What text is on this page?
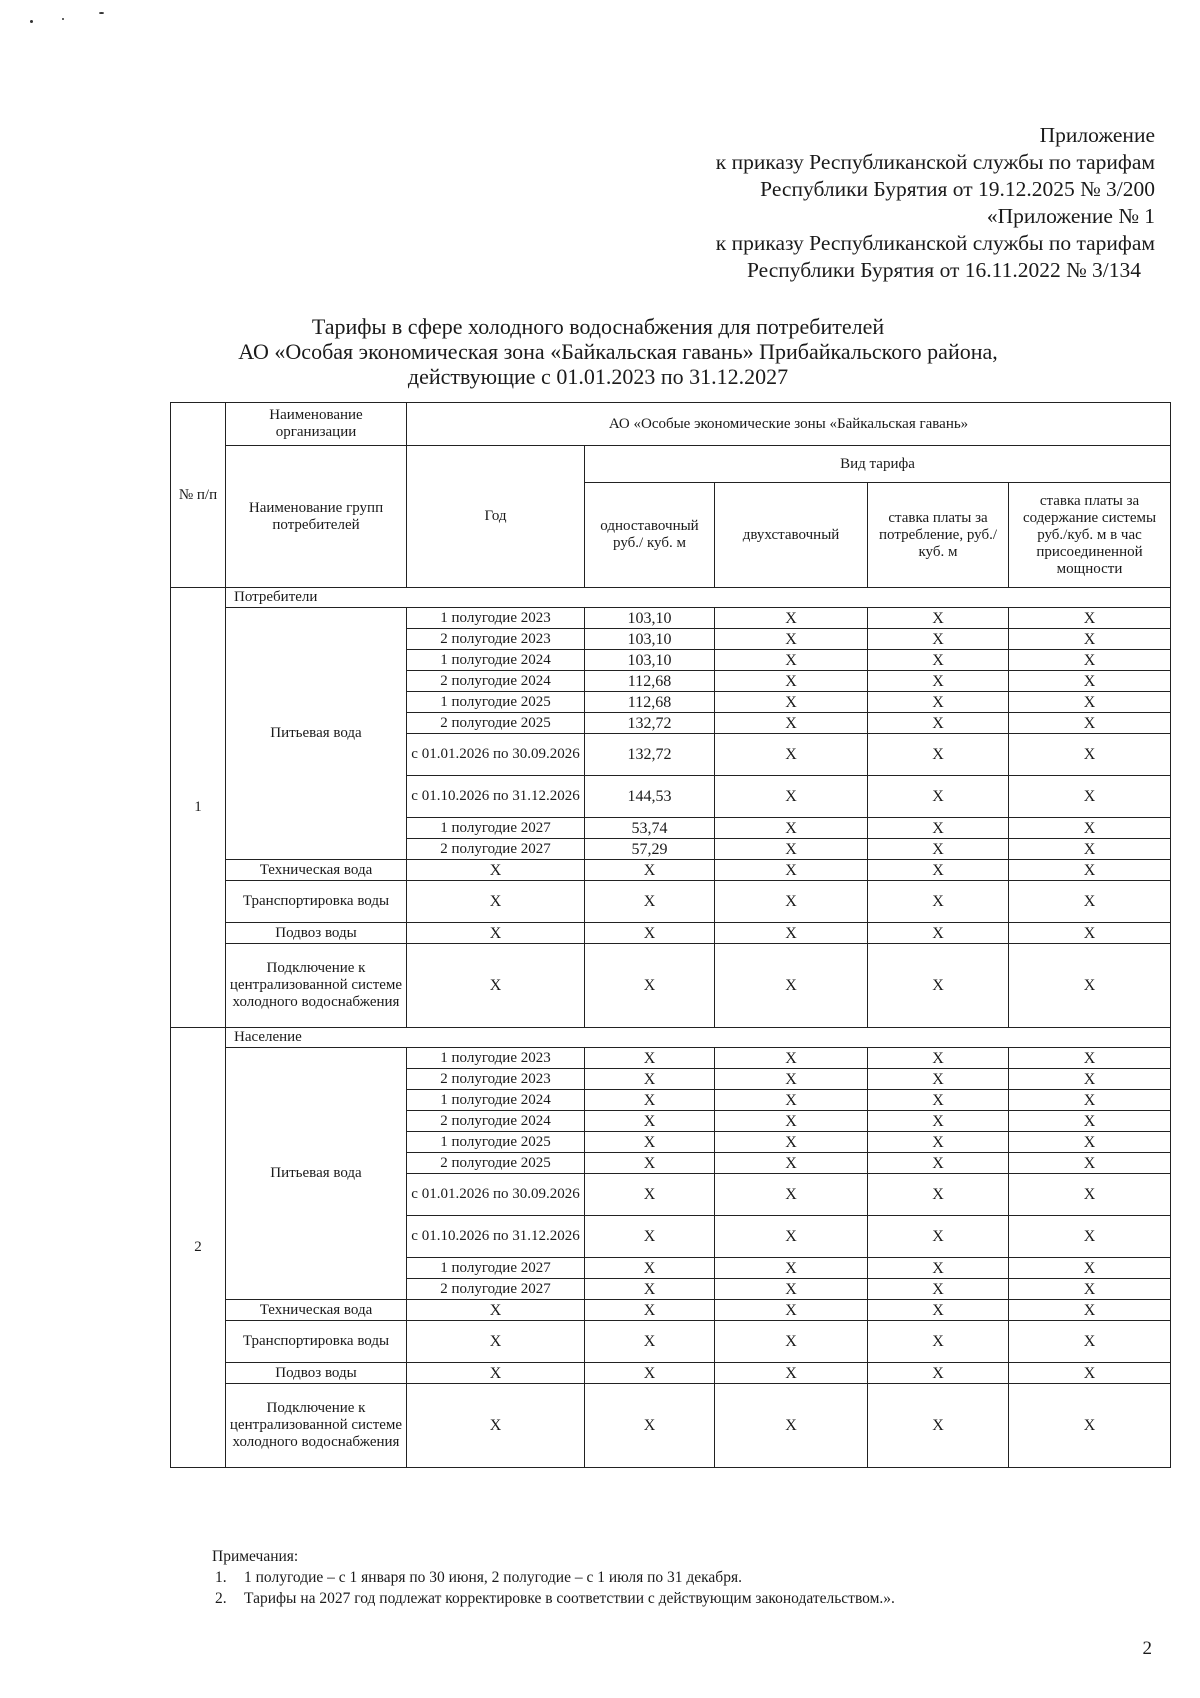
Приложение
к приказу Республиканской службы по тарифам
Республики Бурятия от 19.12.2025 № 3/200
«Приложение № 1
к приказу Республиканской службы по тарифам
Республики Бурятия от 16.11.2022 № 3/134
Тарифы в сфере холодного водоснабжения для потребителей
АО «Особая экономическая зона «Байкальская гавань» Прибайкальского района,
действующие с 01.01.2023 по 31.12.2027
№ п/п	Наименование организации	АО «Особые экономические зоны «Байкальская гавань»				
	Наименование групп потребителей	Год	Вид тарифа			
			одноставочный руб./ куб. м	двухставочный	ставка платы за потребление, руб./ куб. м	ставка платы за содержание системы руб./куб. м в час присоединенной мощности
1	Потребители					
	Питьевая вода	1 полугодие 2023	103,10	X	X	X
		2 полугодие 2023	103,10	X	X	X
		1 полугодие 2024	103,10	X	X	X
		2 полугодие 2024	112,68	X	X	X
		1 полугодие 2025	112,68	X	X	X
		2 полугодие 2025	132,72	X	X	X
		с 01.01.2026 по 30.09.2026	132,72	X	X	X
		с 01.10.2026 по 31.12.2026	144,53	X	X	X
		1 полугодие 2027	53,74	X	X	X
		2 полугодие 2027	57,29	X	X	X
	Техническая вода	X	X	X	X	X
	Транспортировка воды	X	X	X	X	X
	Подвоз воды	X	X	X	X	X
	Подключение к централизованной системе холодного водоснабжения	X	X	X	X	X
2	Население					
	Питьевая вода	1 полугодие 2023	X	X	X	X
		2 полугодие 2023	X	X	X	X
		1 полугодие 2024	X	X	X	X
		2 полугодие 2024	X	X	X	X
		1 полугодие 2025	X	X	X	X
		2 полугодие 2025	X	X	X	X
		с 01.01.2026 по 30.09.2026	X	X	X	X
		с 01.10.2026 по 31.12.2026	X	X	X	X
		1 полугодие 2027	X	X	X	X
		2 полугодие 2027	X	X	X	X
	Техническая вода	X	X	X	X	X
	Транспортировка воды	X	X	X	X	X
	Подвоз воды	X	X	X	X	X
	Подключение к централизованной системе холодного водоснабжения	X	X	X	X	X
Примечания:
1. 1 полугодие – с 1 января по 30 июня, 2 полугодие – с 1 июля по 31 декабря.
2. Тарифы на 2027 год подлежат корректировке в соответствии с действующим законодательством.».
2
